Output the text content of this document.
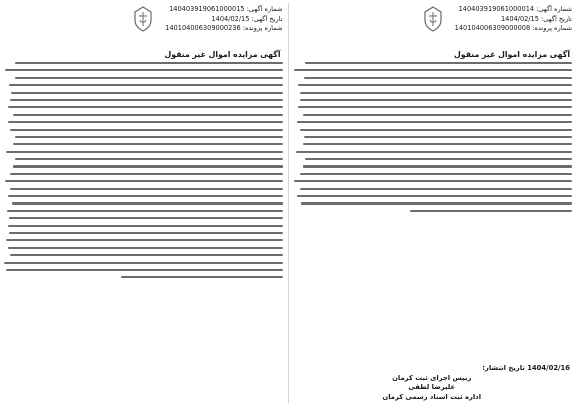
شماره آگهی: 140403919061000014
تاریخ آگهی: 1404/02/15
شماره پرونده: 140104006309000008
آگهی مزایده اموال غیر منقول
1404/02/16 تاریخ انتشار:
رییس اجرای ثبت کرمان
علیرضا لطفی
اداره ثبت اسناد رسمی کرمان
شماره آگهی: 140403919061000015
تاریخ آگهی: 1404/02/15
شماره پرونده: 140104006309000236
آگهی مزایده اموال غیر منقول
